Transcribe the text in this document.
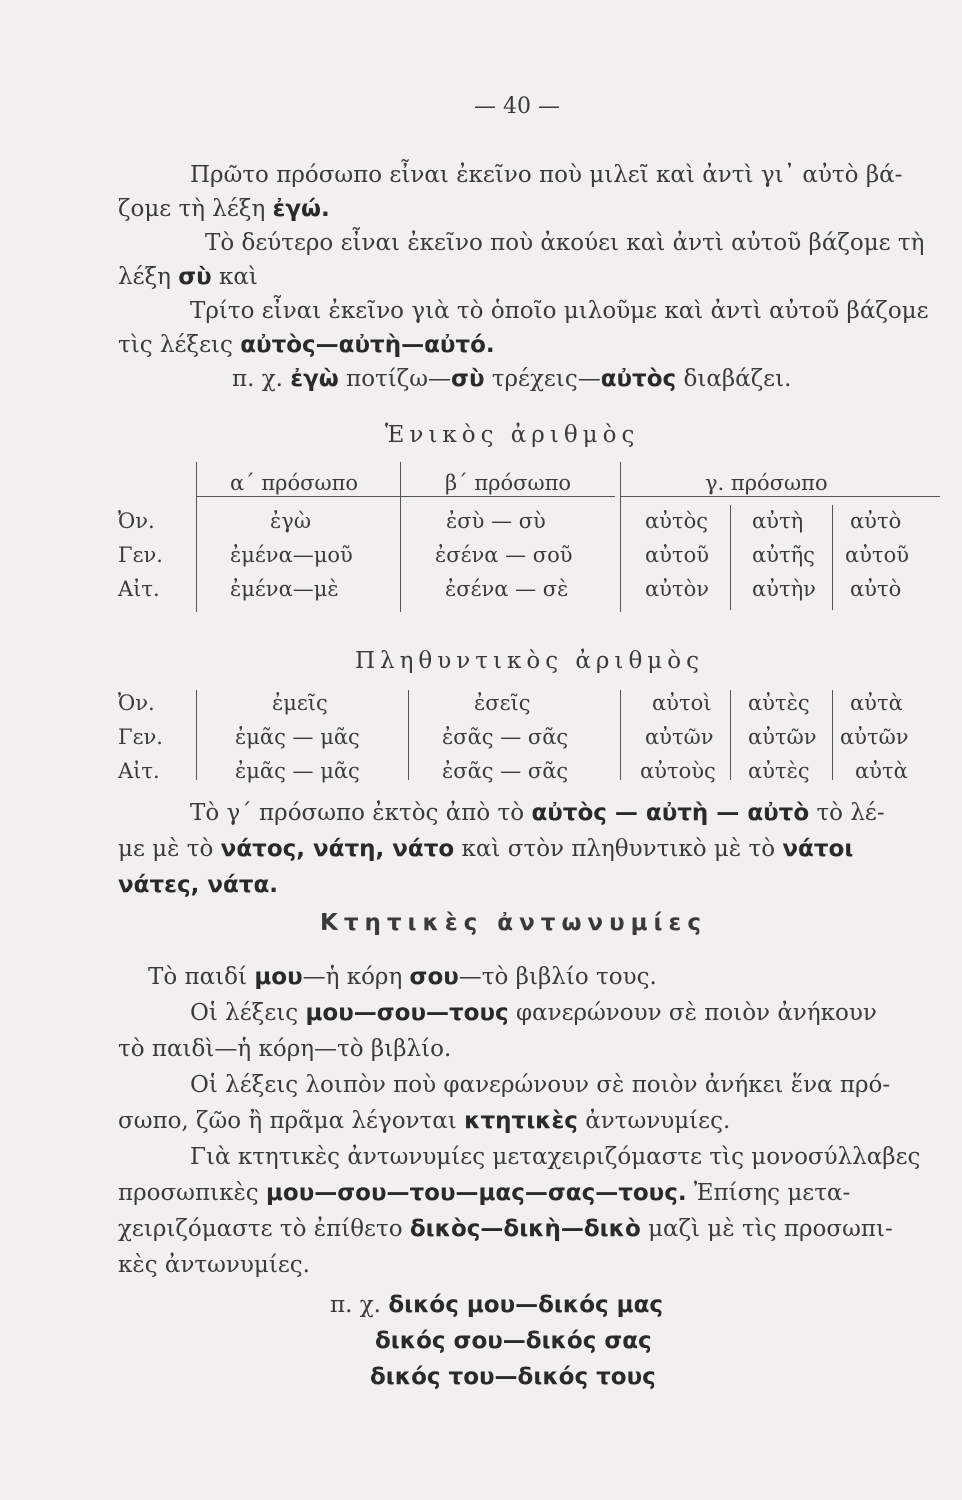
— 40 —
Πρῶτο πρόσωπο εἶναι ἐκεῖνο ποὺ μιλεῖ καὶ ἀντὶ γι᾽ αὐτὸ βά-
ζομε τὴ λέξη ἐγώ.
Τὸ δεύτερο εἶναι ἐκεῖνο ποὺ ἀκούει καὶ ἀντὶ αὐτοῦ βάζομε τὴ
λέξη σὺ καὶ
Τρίτο εἶναι ἐκεῖνο γιὰ τὸ ὁποῖο μιλοῦμε καὶ ἀντὶ αὐτοῦ βάζομε
τὶς λέξεις αὐτὸς—αὐτὴ—αὐτό.
π. χ. ἐγὼ ποτίζω—σὺ τρέχεις—αὐτὸς διαβάζει.
Ἑνικὸς ἀριθμὸς
α΄ πρόσωπο	β΄ πρόσωπο	γ. πρόσωπο
Ὀν.	ἐγὼ	ἐσὺ — σὺ	αὐτὸς αὐτὴ αὐτὸ
Γεν.	ἐμένα—μοῦ	ἐσένα — σοῦ	αὐτοῦ αὐτῆς αὐτοῦ
Αἰτ.	ἐμένα—μὲ	ἐσένα — σὲ	αὐτὸν αὐτὴν αὐτὸ
Πληθυντικὸς ἀριθμὸς
Ὀν.	ἐμεῖς	ἐσεῖς	αὐτοὶ αὐτὲς αὐτὰ
Γεν.	ἐμᾶς — μᾶς	ἐσᾶς — σᾶς	αὐτῶν αὐτῶν αὐτῶν
Αἰτ.	ἐμᾶς — μᾶς	ἐσᾶς — σᾶς	αὐτοὺς αὐτὲς αὐτὰ
Τὸ γ΄ πρόσωπο ἐκτὸς ἀπὸ τὸ αὐτὸς — αὐτὴ — αὐτὸ τὸ λέ-
με μὲ τὸ νάτος, νάτη, νάτο καὶ στὸν πληθυντικὸ μὲ τὸ νάτοι
νάτες, νάτα.
Κτητικὲς ἀντωνυμίες
Τὸ παιδί μου—ἡ κόρη σου—τὸ βιβλίο τους.
Οἱ λέξεις μου—σου—τους φανερώνουν σὲ ποιὸν ἀνήκουν
τὸ παιδὶ—ἡ κόρη—τὸ βιβλίο.
Οἱ λέξεις λοιπὸν ποὺ φανερώνουν σὲ ποιὸν ἀνήκει ἕνα πρό-
σωπο, ζῶο ἢ πρᾶμα λέγονται κτητικὲς ἀντωνυμίες.
Γιὰ κτητικὲς ἀντωνυμίες μεταχειριζόμαστε τὶς μονοσύλλαβες
προσωπικὲς μου—σου—του—μας—σας—τους. Ἐπίσης μετα-
χειριζόμαστε τὸ ἐπίθετο δικὸς—δικὴ—δικὸ μαζὶ μὲ τὶς προσωπι-
κὲς ἀντωνυμίες.
π. χ. δικός μου—δικός μας
δικός σου—δικός σας
δικός του—δικός τους
